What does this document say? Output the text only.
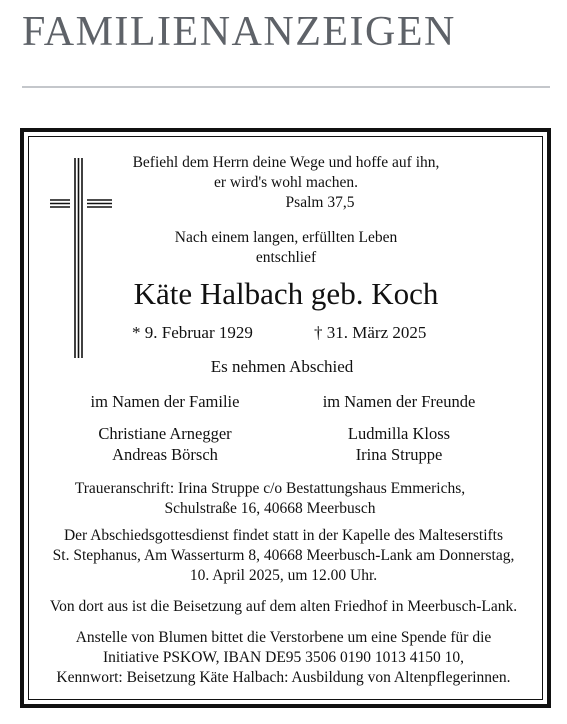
FAMILIENANZEIGEN

Befiehl dem Herrn deine Wege und hoffe auf ihn,

er wird's wohl machen.

Psalm 37,5

Nach einem langen, erfüllten Leben

entschlief

Käte Halbach geb. Koch
* 9. Februar 1929	† 31. März 2025

Es nehmen Abschied

im Namen der Familie

Christiane Arnegger

Andreas Börsch

im Namen der Freunde

Ludmilla Kloss

Irina Struppe

Traueranschrift: Irina Struppe c/o Bestattungshaus Emmerichs,

Schulstraße 16, 40668 Meerbusch

Der Abschiedsgottesdienst findet statt in der Kapelle des Malteserstifts

St. Stephanus, Am Wasserturm 8, 40668 Meerbusch-Lank am Donnerstag,

10. April 2025, um 12.00 Uhr.

Von dort aus ist die Beisetzung auf dem alten Friedhof in Meerbusch-Lank.

Anstelle von Blumen bittet die Verstorbene um eine Spende für die

Initiative PSKOW, IBAN DE95 3506 0190 1013 4150 10,

Kennwort: Beisetzung Käte Halbach: Ausbildung von Altenpflegerinnen.
